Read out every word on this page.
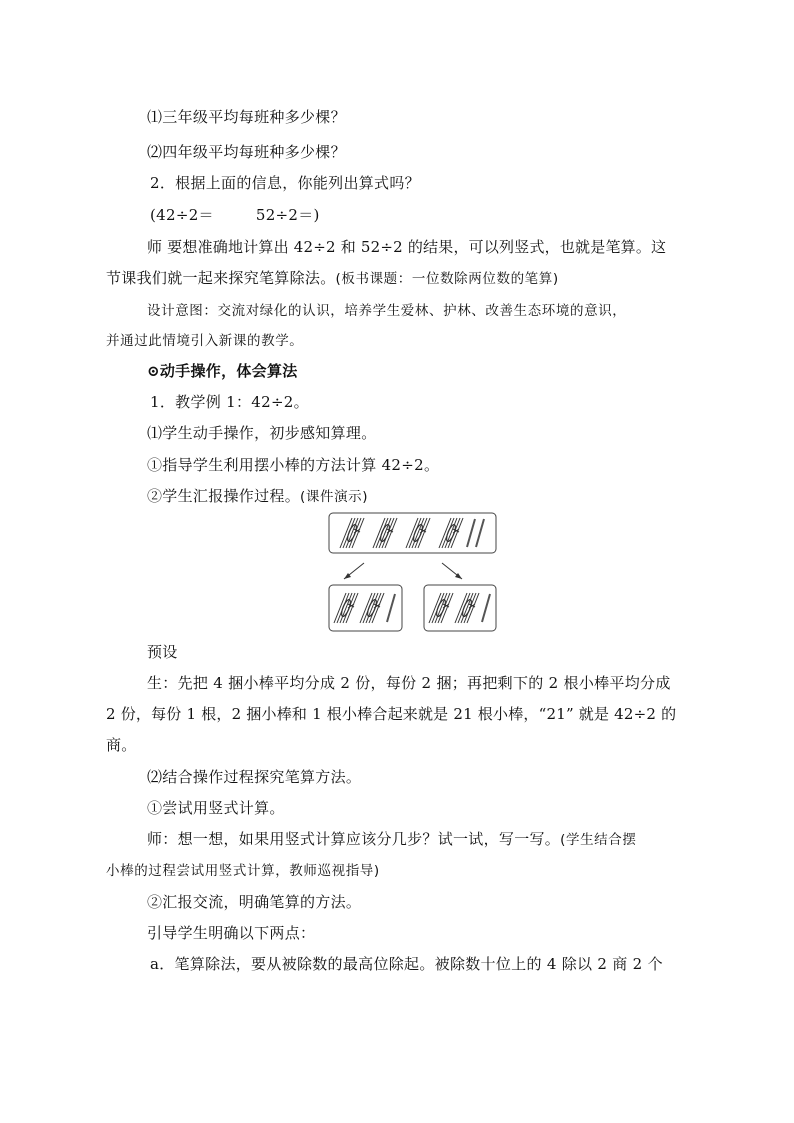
⑴三年级平均每班种多少棵？
⑵四年级平均每班种多少棵？
2．根据上面的信息，你能列出算式吗？
(42÷2＝	52÷2＝)
师 要想准确地计算出 42÷2 和 52÷2 的结果，可以列竖式，也就是笔算。这
节课我们就一起来探究笔算除法。(板书课题：一位数除两位数的笔算)
设计意图：交流对绿化的认识，培养学生爱林、护林、改善生态环境的意识，
并通过此情境引入新课的教学。
⊙动手操作，体会算法
1．教学例 1：42÷2。
⑴学生动手操作，初步感知算理。
①指导学生利用摆小棒的方法计算 42÷2。
②学生汇报操作过程。(课件演示)
预设
生：先把 4 捆小棒平均分成 2 份，每份 2 捆；再把剩下的 2 根小棒平均分成
2 份，每份 1 根，2 捆小棒和 1 根小棒合起来就是 21 根小棒，“21” 就是 42÷2 的
商。
⑵结合操作过程探究笔算方法。
①尝试用竖式计算。
师：想一想，如果用竖式计算应该分几步？试一试，写一写。(学生结合摆
小棒的过程尝试用竖式计算，教师巡视指导)
②汇报交流，明确笔算的方法。
引导学生明确以下两点：
a．笔算除法，要从被除数的最高位除起。被除数十位上的 4 除以 2 商 2 个
